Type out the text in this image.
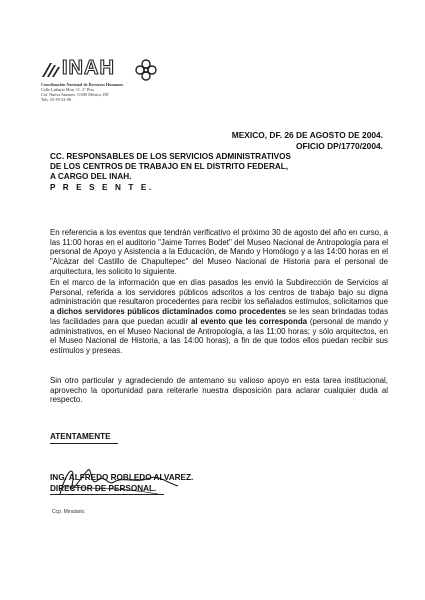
INAH
Coordinación Nacional de Recursos Humanos
Calle Liabaria Mon. 11, 2° Piso
Col. Nueva Anzures, 11590 México, DF.
Tels. 55-59-32-00
MEXICO, DF. 26 DE AGOSTO DE 2004.
OFICIO DP/1770/2004.
CC. RESPONSABLES DE LOS SERVICIOS ADMINISTRATIVOS
DE LOS CENTROS DE TRABAJO EN EL DISTRITO FEDERAL,
A CARGO DEL INAH.
P R E S E N T E.

En referencia a los eventos que tendrán verificativo el próximo 30 de agosto del año en curso, a las 11:00 horas en el auditorio "Jaime Torres Bodet" del Museo Nacional de Antropología para el personal de Apoyo y Asistencia a la Educación, de Mando y Homólogo y a las 14:00 horas en el "Alcázar del Castillo de Chapultepec" del Museo Nacional de Historia para el personal de arquitectura, les solicito lo siguiente.

En el marco de la información que en días pasados les envió la Subdirección de Servicios al Personal, referida a los servidores públicos adscritos a los centros de trabajo bajo su digna administración que resultaron procedentes para recibir los señalados estímulos, solicitamos que a dichos servidores públicos dictaminados como procedentes se les sean brindadas todas las facilidades para que puedan acudir al evento que les corresponda (personal de mando y administrativos, en el Museo Nacional de Antropología, a las 11:00 horas; y sólo arquitectos, en el Museo Nacional de Historia, a las 14:00 horas), a fin de que todos ellos puedan recibir sus estímulos y preseas.

Sin otro particular y agradeciendo de antemano su valioso apoyo en esta tarea institucional, aprovecho la oportunidad para reiterarle nuestra disposición para aclarar cualquier duda al respecto.

ATENTAMENTE
ING. ALFREDO ROBLEDO ALVAREZ.
DIRECTOR DE PERSONAL.
Ccp. Minutario.
